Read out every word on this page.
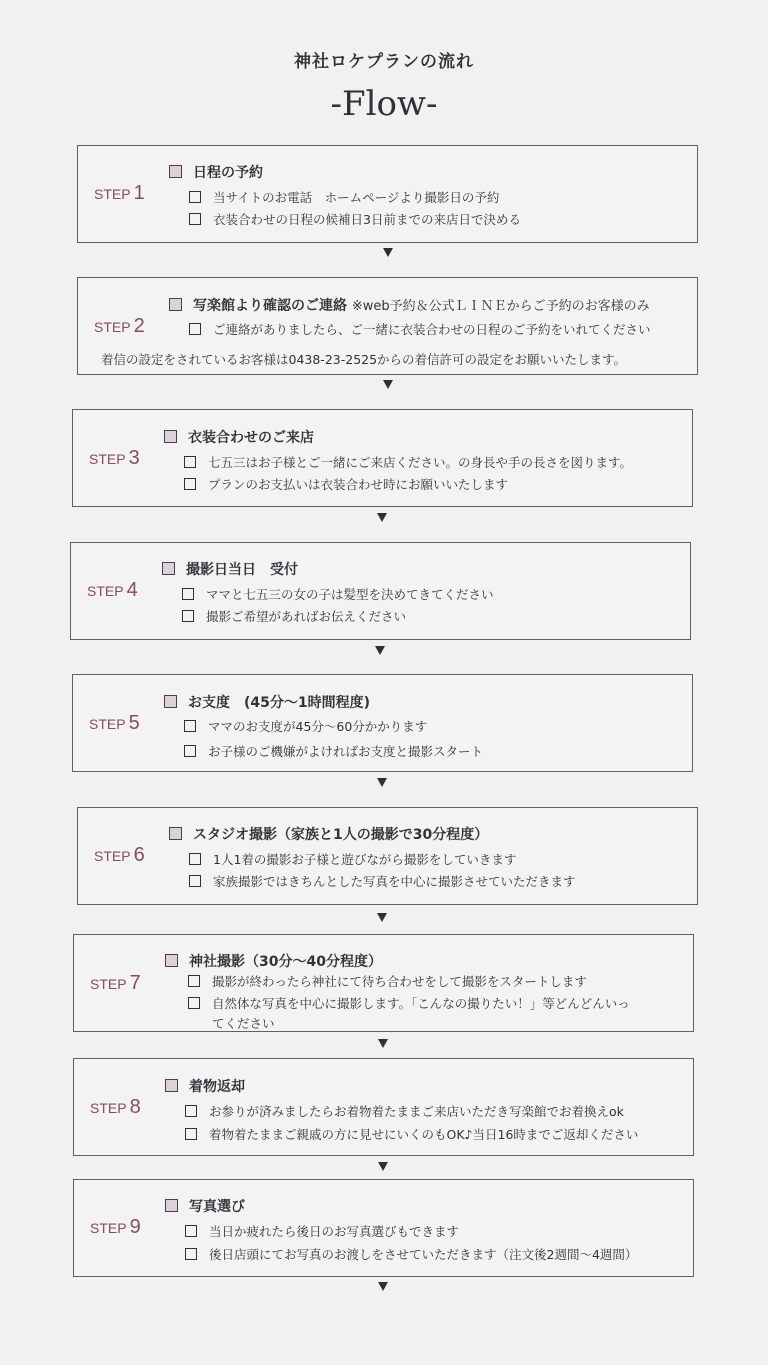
神社ロケプランの流れ
-Flow-
STEP 1
日程の予約
当サイトのお電話　ホームページより撮影日の予約
衣装合わせの日程の候補日3日前までの来店日で決める
STEP 2
写楽館より確認のご連絡 ※web予約＆公式ＬＩＮＥからご予約のお客様のみ
ご連絡がありましたら、ご一緒に衣装合わせの日程のご予約をいれてください
着信の設定をされているお客様は0438-23-2525からの着信許可の設定をお願いいたします。
STEP 3
衣装合わせのご来店
七五三はお子様とご一緒にご来店ください。の身長や手の長さを図ります。
プランのお支払いは衣装合わせ時にお願いいたします
STEP 4
撮影日当日　受付
ママと七五三の女の子は髪型を決めてきてください
撮影ご希望があればお伝えください
STEP 5
お支度　(45分〜1時間程度)
ママのお支度が45分〜60分かかります
お子様のご機嫌がよければお支度と撮影スタート
STEP 6
スタジオ撮影（家族と1人の撮影で30分程度）
1人1着の撮影お子様と遊びながら撮影をしていきます
家族撮影ではきちんとした写真を中心に撮影させていただきます
STEP 7
神社撮影（30分〜40分程度）
撮影が終わったら神社にて待ち合わせをして撮影をスタートします
自然体な写真を中心に撮影します。「こんなの撮りたい！」等どんどんいっ
てください
STEP 8
着物返却
お参りが済みましたらお着物着たままご来店いただき写楽館でお着換えok
着物着たままご親戚の方に見せにいくのもOK♪当日16時までご返却ください
STEP 9
写真選び
当日か疲れたら後日のお写真選びもできます
後日店頭にてお写真のお渡しをさせていただきます（注文後2週間〜4週間）
